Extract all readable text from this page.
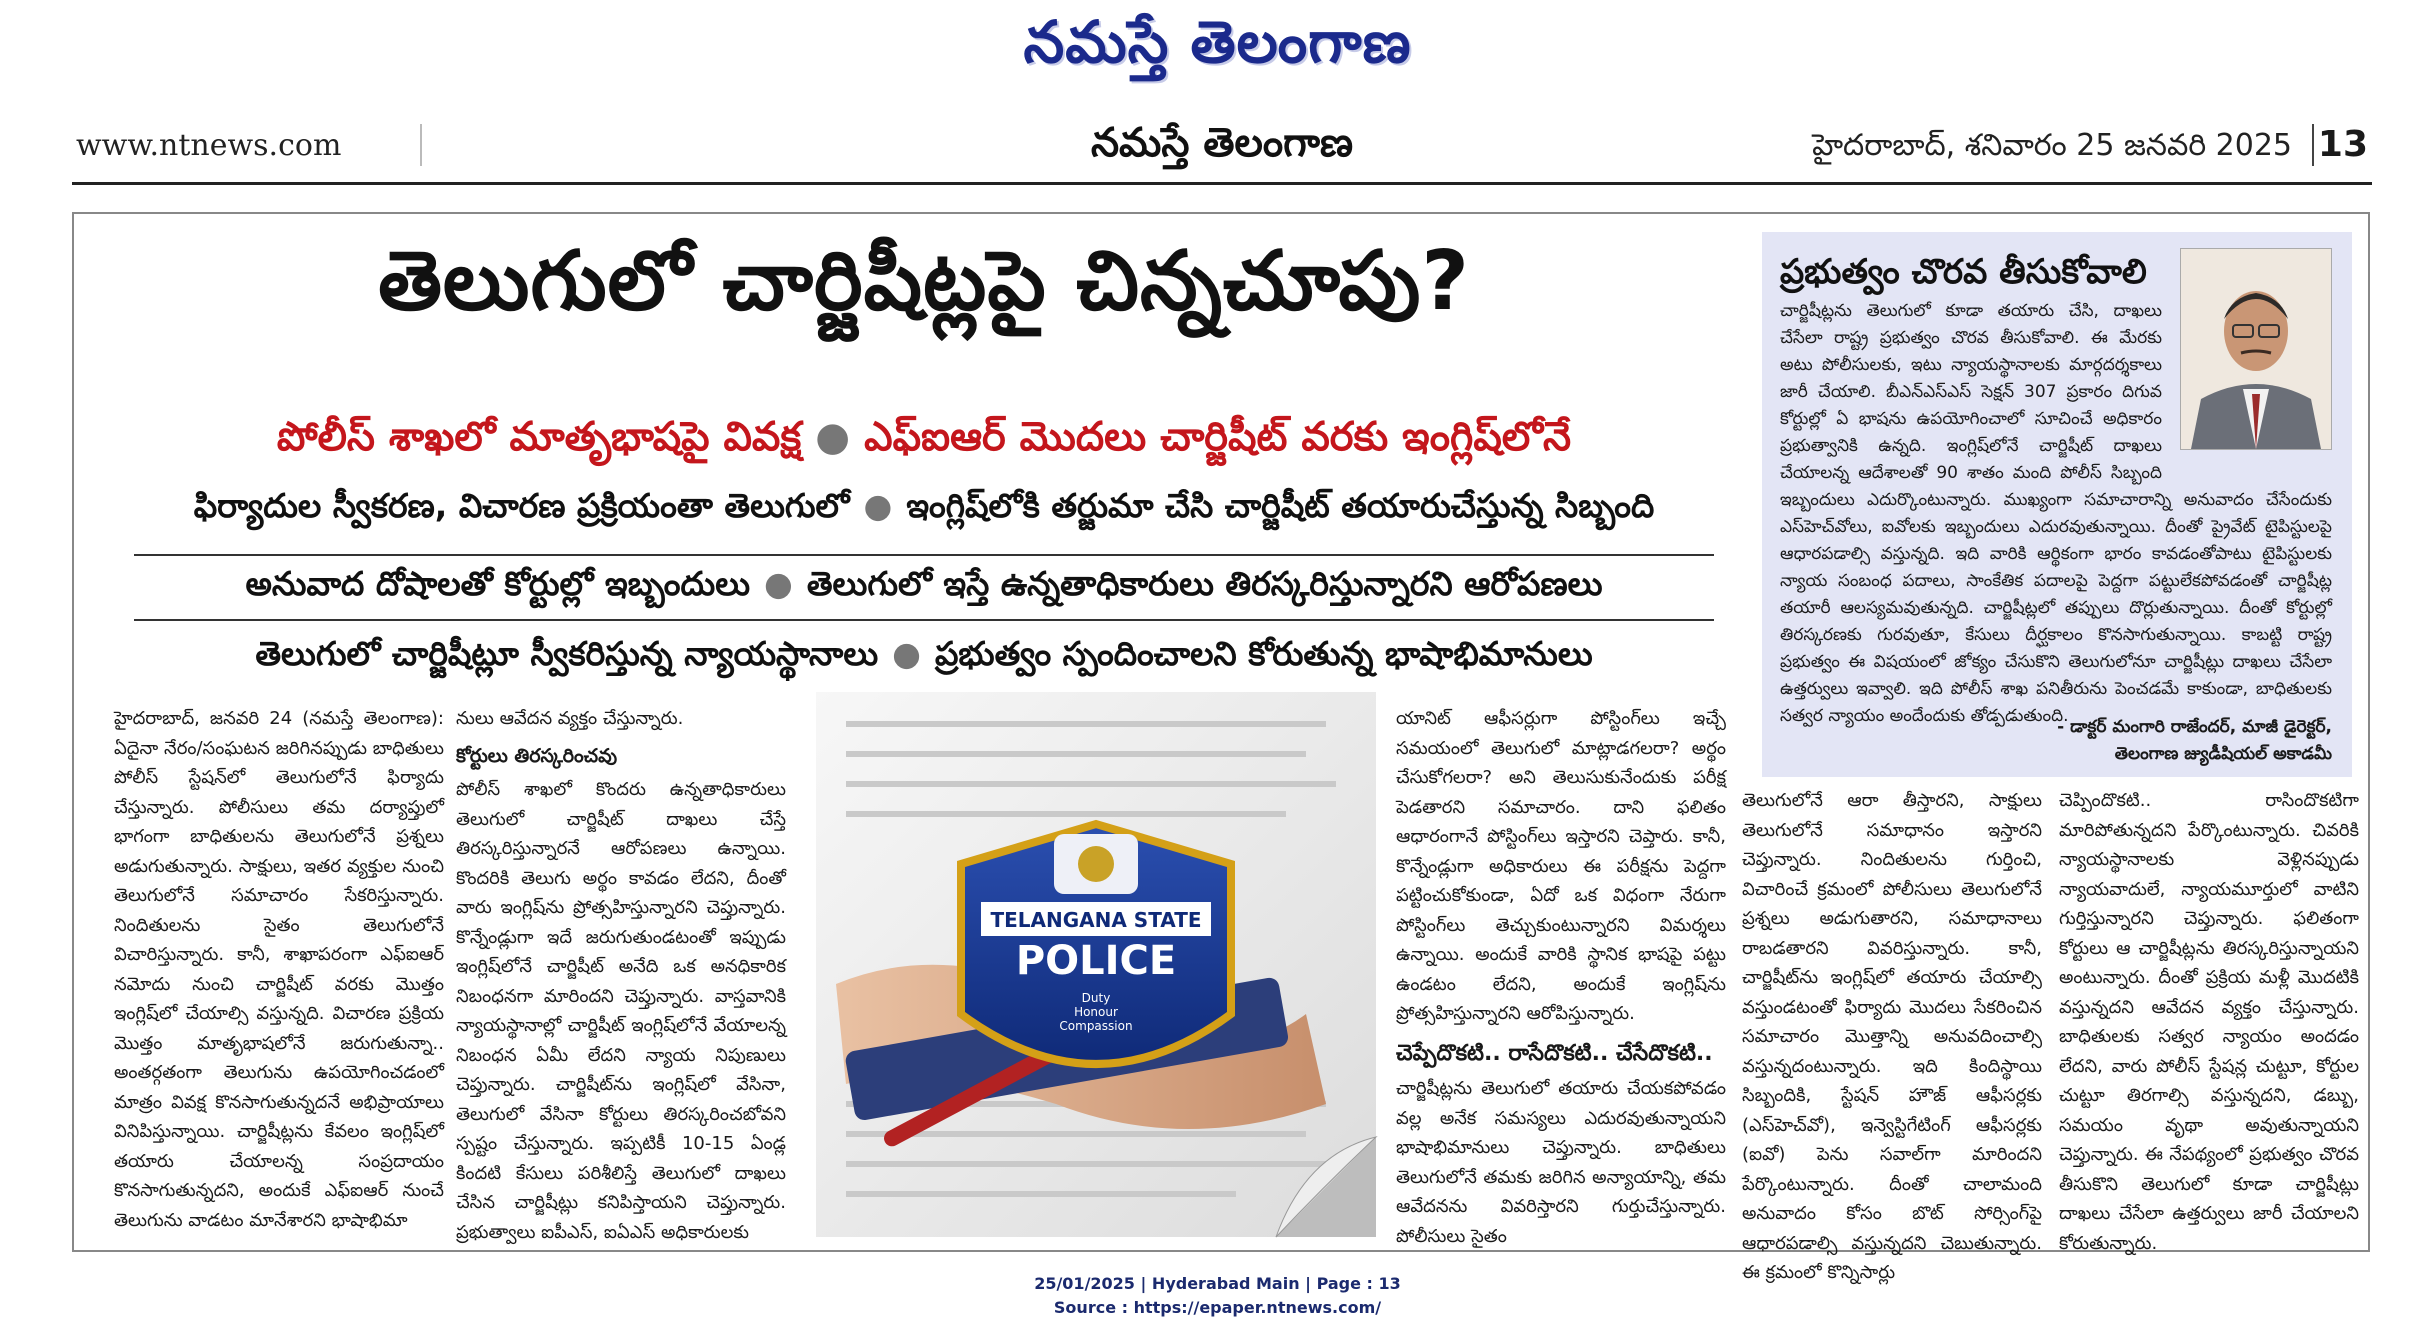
నమస్తే తెలంగాణ
www.ntnews.com	నమస్తే తెలంగాణ	హైదరాబాద్, శనివారం 25 జనవరి 2025 13
తెలుగులో చార్జిషీట్లపై చిన్నచూపు?
పోలీస్ శాఖలో మాతృభాషపై వివక్ష ● ఎఫ్ఐఆర్ మొదలు చార్జిషీట్ వరకు ఇంగ్లిష్‌లోనే
ఫిర్యాదుల స్వీకరణ, విచారణ ప్రక్రియంతా తెలుగులో ● ఇంగ్లిష్‌లోకి తర్జుమా చేసి చార్జిషీట్ తయారుచేస్తున్న సిబ్బంది
అనువాద దోషాలతో కోర్టుల్లో ఇబ్బందులు ● తెలుగులో ఇస్తే ఉన్నతాధికారులు తిరస్కరిస్తున్నారని ఆరోపణలు
తెలుగులో చార్జిషీట్లూ స్వీకరిస్తున్న న్యాయస్థానాలు ● ప్రభుత్వం స్పందించాలని కోరుతున్న భాషాభిమానులు
ప్రభుత్వం చొరవ తీసుకోవాలి
చార్జిషీట్లను తెలుగులో కూడా తయారు చేసి, దాఖలు చేసేలా రాష్ట్ర ప్రభుత్వం చొరవ తీసుకోవాలి. ఈ మేరకు అటు పోలీసులకు, ఇటు న్యాయస్థానాలకు మార్గదర్శకాలు జారీ చేయాలి. బీఎన్ఎస్ఎస్ సెక్షన్ 307 ప్రకారం దిగువ కోర్టుల్లో ఏ భాషను ఉపయోగించాలో సూచించే అధికారం ప్రభుత్వానికి ఉన్నది. ఇంగ్లిష్‌లోనే చార్జిషీట్ దాఖలు చేయాలన్న ఆదేశాలతో 90 శాతం మంది పోలీస్ సిబ్బంది ఇబ్బందులు ఎదుర్కొంటున్నారు. ముఖ్యంగా సమాచారాన్ని అనువాదం చేసేందుకు ఎస్‌హెచ్‌వోలు, ఐవోలకు ఇబ్బందులు ఎదురవుతున్నాయి. దీంతో ప్రైవేట్ టైపిస్టులపై ఆధారపడాల్సి వస్తున్నది. ఇది వారికి ఆర్థికంగా భారం కావడంతోపాటు టైపిస్టులకు న్యాయ సంబంధ పదాలు, సాంకేతిక పదాలపై పెద్దగా పట్టులేకపోవడంతో చార్జిషీట్ల తయారీ ఆలస్యమవుతున్నది. చార్జిషీట్లలో తప్పులు దొర్లుతున్నాయి. దీంతో కోర్టుల్లో తిరస్కరణకు గురవుతూ, కేసులు దీర్ఘకాలం కొనసాగుతున్నాయి. కాబట్టి రాష్ట్ర ప్రభుత్వం ఈ విషయంలో జోక్యం చేసుకొని తెలుగులోనూ చార్జిషీట్లు దాఖలు చేసేలా ఉత్తర్వులు ఇవ్వాలి. ఇది పోలీస్ శాఖ పనితీరును పెంచడమే కాకుండా, బాధితులకు సత్వర న్యాయం అందేందుకు తోడ్పడుతుంది.
- డాక్టర్ మంగారి రాజేందర్, మాజీ డైరెక్టర్,
తెలంగాణ జ్యుడీషియల్ అకాడమీ
హైదరాబాద్, జనవరి 24 (నమస్తే తెలంగాణ): ఏదైనా నేరం/సంఘటన జరిగినప్పుడు బాధితులు పోలీస్ స్టేషన్‌లో తెలుగులోనే ఫిర్యాదు చేస్తున్నారు. పోలీసులు తమ దర్యాప్తులో భాగంగా బాధితులను తెలుగులోనే ప్రశ్నలు అడుగుతున్నారు. సాక్షులు, ఇతర వ్యక్తుల నుంచి తెలుగులోనే సమాచారం సేకరిస్తున్నారు. నిందితులను సైతం తెలుగులోనే విచారిస్తున్నారు. కానీ, శాఖాపరంగా ఎఫ్ఐఆర్ నమోదు నుంచి చార్జిషీట్ వరకు మొత్తం ఇంగ్లిష్‌లో చేయాల్సి వస్తున్నది. విచారణ ప్రక్రియ మొత్తం మాతృభాషలోనే జరుగుతున్నా.. అంతర్గతంగా తెలుగును ఉపయోగించడంలో మాత్రం వివక్ష కొనసాగుతున్నదనే అభిప్రాయాలు వినిపిస్తున్నాయి. చార్జిషీట్లను కేవలం ఇంగ్లిష్‌లో తయారు చేయాలన్న సంప్రదాయం కొనసాగుతున్నదని, అందుకే ఎఫ్ఐఆర్ నుంచే తెలుగును వాడటం మానేశారని భాషాభిమా
నులు ఆవేదన వ్యక్తం చేస్తున్నారు.
కోర్టులు తిరస్కరించవు
పోలీస్ శాఖలో కొందరు ఉన్నతాధికారులు తెలుగులో చార్జిషీట్ దాఖలు చేస్తే తిరస్కరిస్తున్నారనే ఆరోపణలు ఉన్నాయి. కొందరికి తెలుగు అర్థం కావడం లేదని, దీంతో వారు ఇంగ్లిష్‌ను ప్రోత్సహిస్తున్నారని చెప్తున్నారు. కొన్నేండ్లుగా ఇదే జరుగుతుండటంతో ఇప్పుడు ఇంగ్లిష్‌లోనే చార్జిషీట్ అనేది ఒక అనధికారిక నిబంధనగా మారిందని చెప్తున్నారు. వాస్తవానికి న్యాయస్థానాల్లో చార్జిషీట్ ఇంగ్లిష్‌లోనే వేయాలన్న నిబంధన ఏమీ లేదని న్యాయ నిపుణులు చెప్తున్నారు. చార్జిషీట్‌ను ఇంగ్లిష్‌లో వేసినా, తెలుగులో వేసినా కోర్టులు తిరస్కరించబోవని స్పష్టం చేస్తున్నారు. ఇప్పటికీ 10-15 ఏండ్ల కిందటి కేసులు పరిశీలిస్తే తెలుగులో దాఖలు చేసిన చార్జిషీట్లు కనిపిస్తాయని చెప్తున్నారు. ప్రభుత్వాలు ఐపీఎస్, ఐఏఎస్ అధికారులకు
TELANGANA STATE
POLICE
Duty
Honour
Compassion
యానిట్ ఆఫీసర్లుగా పోస్టింగ్‌లు ఇచ్చే సమయంలో తెలుగులో మాట్లాడగలరా? అర్థం చేసుకోగలరా? అని తెలుసుకునేందుకు పరీక్ష పెడతారని సమాచారం. దాని ఫలితం ఆధారంగానే పోస్టింగ్‌లు ఇస్తారని చెప్తారు. కానీ, కొన్నేండ్లుగా అధికారులు ఈ పరీక్షను పెద్దగా పట్టించుకోకుండా, ఏదో ఒక విధంగా నేరుగా పోస్టింగ్‌లు తెచ్చుకుంటున్నారని విమర్శలు ఉన్నాయి. అందుకే వారికి స్థానిక భాషపై పట్టు ఉండటం లేదని, అందుకే ఇంగ్లిష్‌ను ప్రోత్సహిస్తున్నారని ఆరోపిస్తున్నారు.
చెప్పేదొకటి.. రాసేదొకటి.. చేసేదొకటి..
చార్జిషీట్లను తెలుగులో తయారు చేయకపోవడం వల్ల అనేక సమస్యలు ఎదురవుతున్నాయని భాషాభిమానులు చెప్తున్నారు. బాధితులు తెలుగులోనే తమకు జరిగిన అన్యాయాన్ని, తమ ఆవేదనను వివరిస్తారని గుర్తుచేస్తున్నారు. పోలీసులు సైతం
తెలుగులోనే ఆరా తీస్తారని, సాక్షులు తెలుగులోనే సమాధానం ఇస్తారని చెప్తున్నారు. నిందితులను గుర్తించి, విచారించే క్రమంలో పోలీసులు తెలుగులోనే ప్రశ్నలు అడుగుతారని, సమాధానాలు రాబడతారని వివరిస్తున్నారు. కానీ, చార్జిషీట్‌ను ఇంగ్లిష్‌లో తయారు చేయాల్సి వస్తుండటంతో ఫిర్యాదు మొదలు సేకరించిన సమాచారం మొత్తాన్ని అనువదించాల్సి వస్తున్నదంటున్నారు. ఇది కిందిస్థాయి సిబ్బందికి, స్టేషన్ హౌజ్ ఆఫీసర్లకు (ఎస్‌హెచ్‌వో), ఇన్వెస్టిగేటింగ్ ఆఫీసర్లకు (ఐవో) పెను సవాల్‌గా మారిందని పేర్కొంటున్నారు. దీంతో చాలామంది అనువాదం కోసం బొట్ సోర్సింగ్‌పై ఆధారపడాల్సి వస్తున్నదని చెబుతున్నారు. ఈ క్రమంలో కొన్నిసార్లు
చెప్పిందొకటి.. రాసిందొకటిగా మారిపోతున్నదని పేర్కొంటున్నారు. చివరికి న్యాయస్థానాలకు వెళ్లినప్పుడు న్యాయవాదులే, న్యాయమూర్తులో వాటిని గుర్తిస్తున్నారని చెప్తున్నారు. ఫలితంగా కోర్టులు ఆ చార్జిషీట్లను తిరస్కరిస్తున్నాయని అంటున్నారు. దీంతో ప్రక్రియ మళ్లీ మొదటికి వస్తున్నదని ఆవేదన వ్యక్తం చేస్తున్నారు. బాధితులకు సత్వర న్యాయం అందడం లేదని, వారు పోలీస్ స్టేషన్ల చుట్టూ, కోర్టుల చుట్టూ తిరగాల్సి వస్తున్నదని, డబ్బు, సమయం వృథా అవుతున్నాయని చెప్తున్నారు. ఈ నేపథ్యంలో ప్రభుత్వం చొరవ తీసుకొని తెలుగులో కూడా చార్జిషీట్లు దాఖలు చేసేలా ఉత్తర్వులు జారీ చేయాలని కోరుతున్నారు.
25/01/2025 | Hyderabad Main | Page : 13
Source : https://epaper.ntnews.com/
